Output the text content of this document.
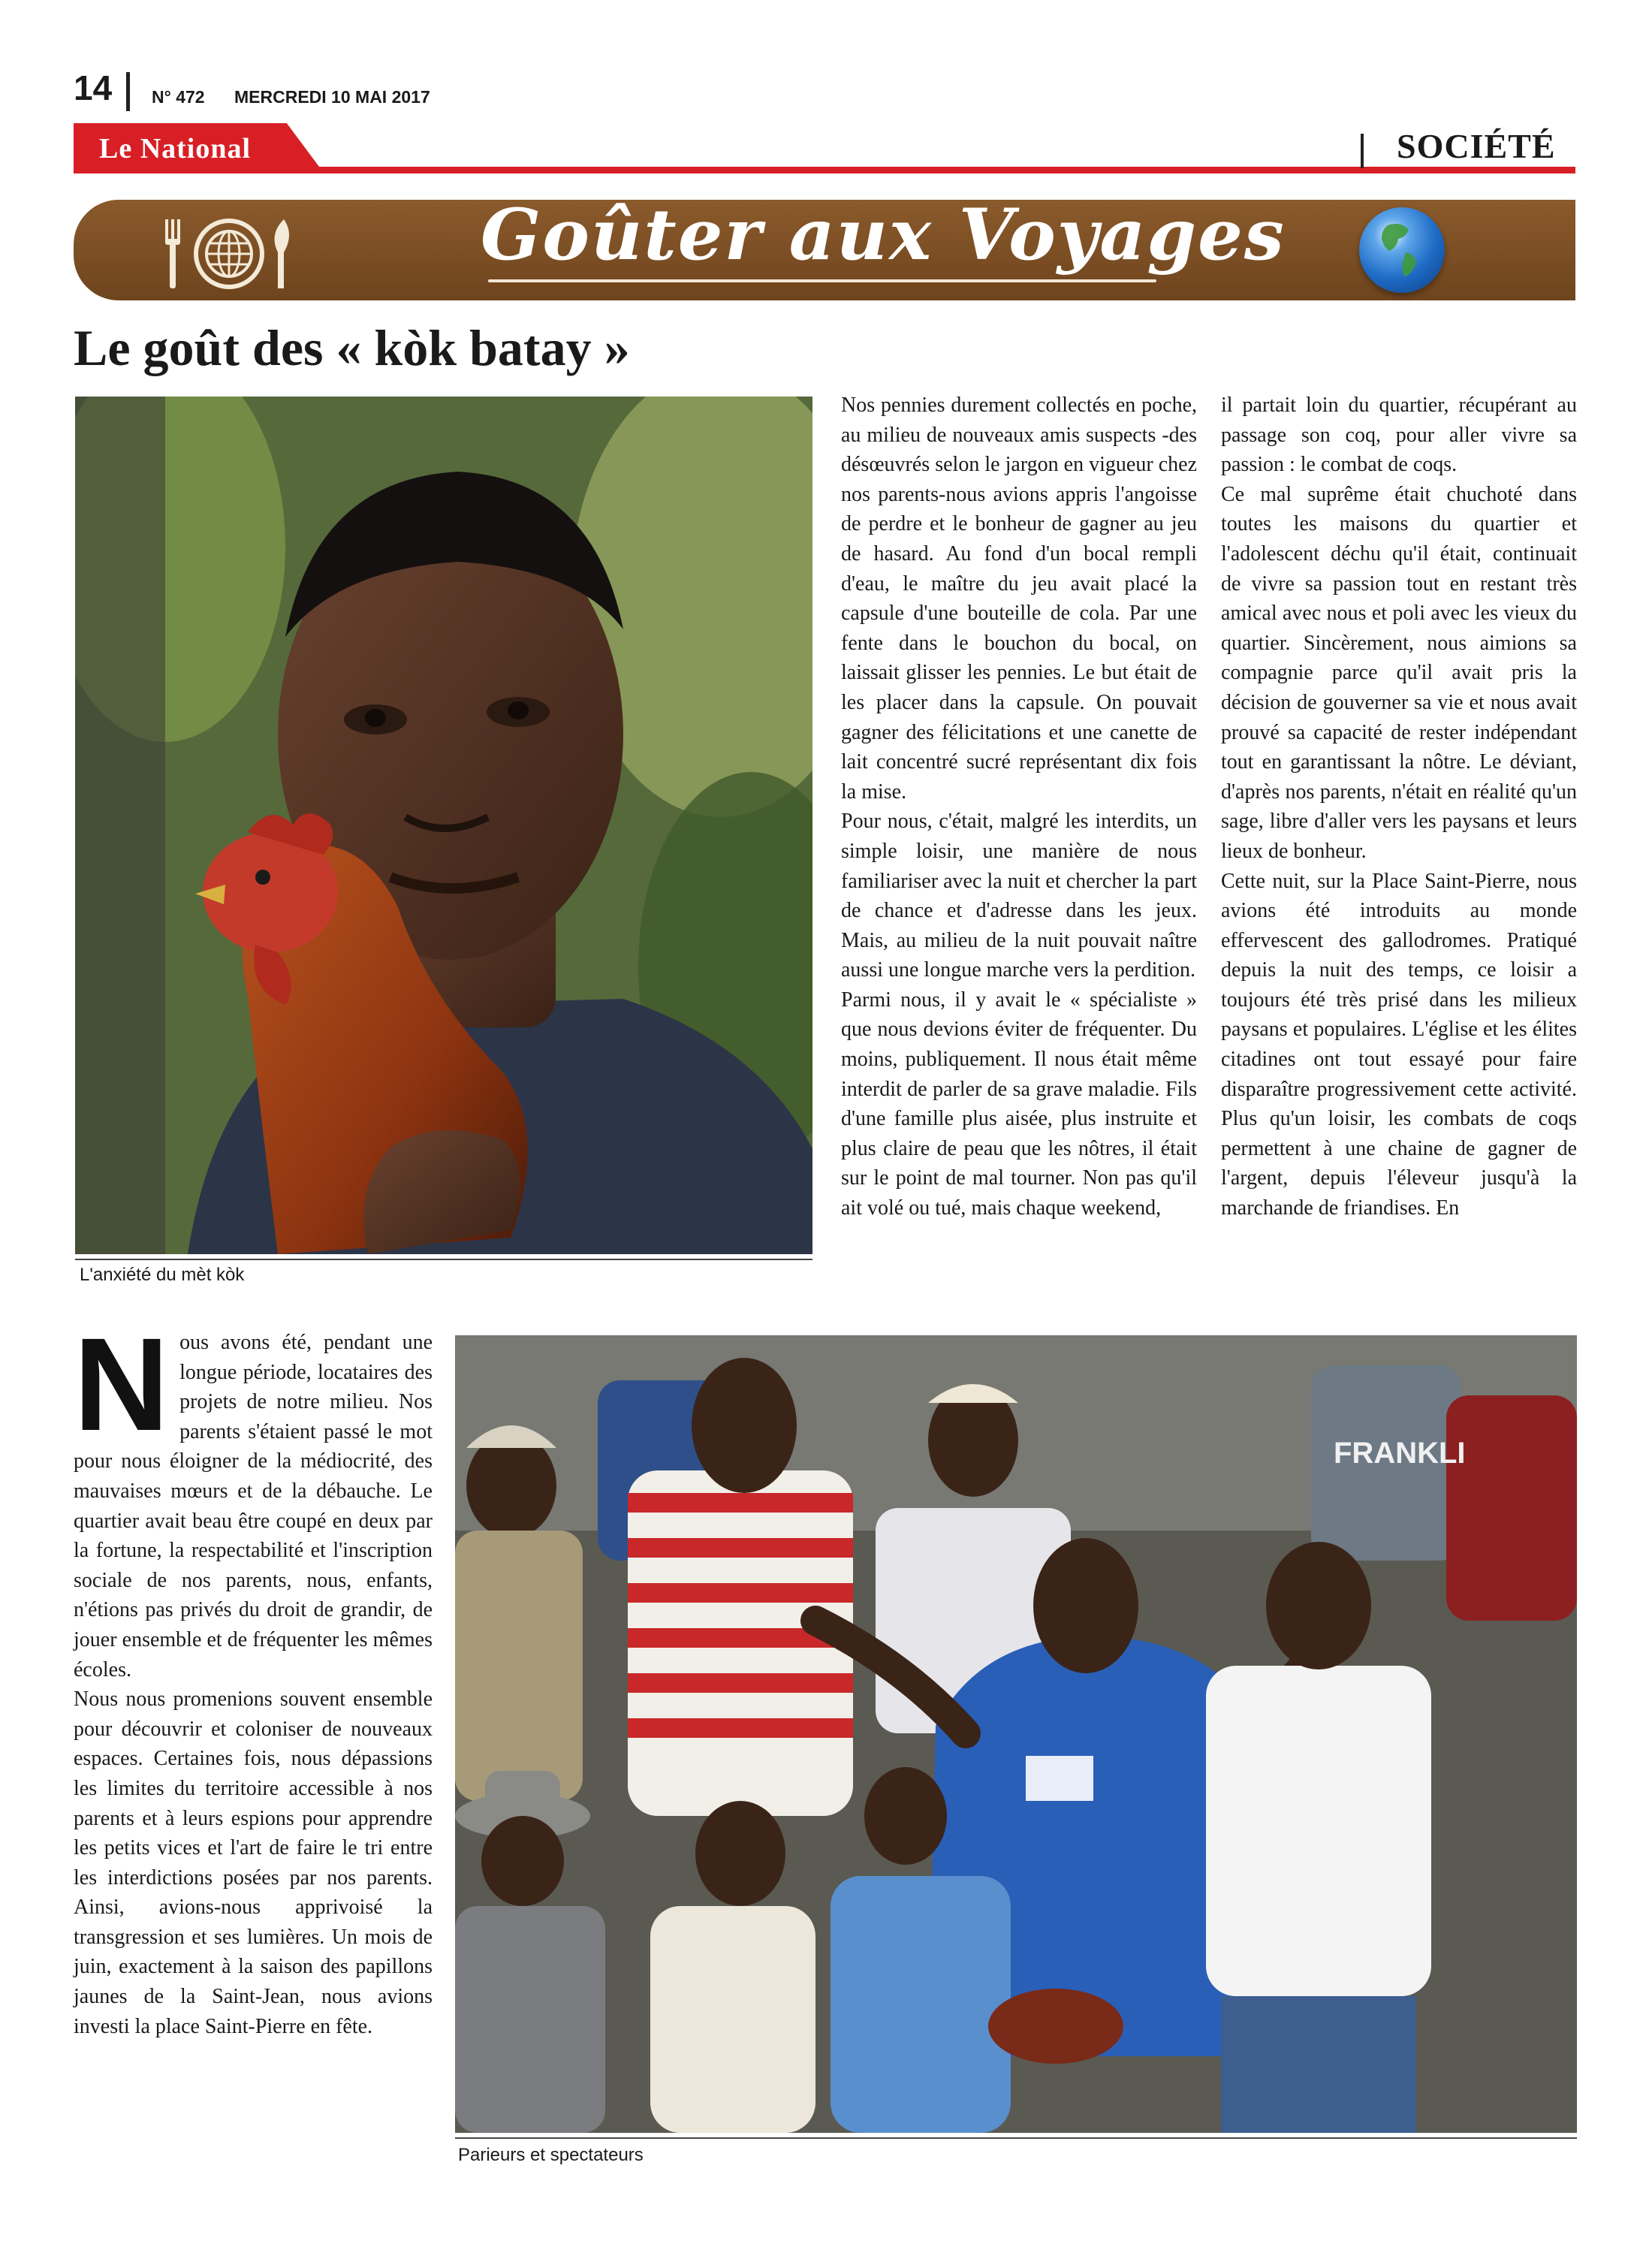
14 N° 472 MERCREDI 10 MAI 2017
Le National	SOCIÉTÉ
Goûter aux Voyages
Le goût des « kòk batay »
L'anxiété du mèt kòk

Nos pennies durement collectés en poche, au milieu de nouveaux amis suspects -des désœuvrés selon le jargon en vigueur chez nos parents-nous avions appris l'angoisse de perdre et le bonheur de gagner au jeu de hasard. Au fond d'un bocal rempli d'eau, le maître du jeu avait placé la capsule d'une bouteille de cola. Par une fente dans le bouchon du bocal, on laissait glisser les pennies. Le but était de les placer dans la capsule. On pouvait gagner des félicitations et une canette de lait concentré sucré représentant dix fois la mise.

Pour nous, c'était, malgré les interdits, un simple loisir, une manière de nous familiariser avec la nuit et chercher la part de chance et d'adresse dans les jeux. Mais, au milieu de la nuit pouvait naître aussi une longue marche vers la perdition.

Parmi nous, il y avait le « spécialiste » que nous devions éviter de fréquenter. Du moins, publiquement. Il nous était même interdit de parler de sa grave maladie. Fils d'une famille plus aisée, plus instruite et plus claire de peau que les nôtres, il était sur le point de mal tourner. Non pas qu'il ait volé ou tué, mais chaque weekend,

il partait loin du quartier, récupérant au passage son coq, pour aller vivre sa passion : le combat de coqs.

Ce mal suprême était chuchoté dans toutes les maisons du quartier et l'adolescent déchu qu'il était, continuait de vivre sa passion tout en restant très amical avec nous et poli avec les vieux du quartier. Sincèrement, nous aimions sa compagnie parce qu'il avait pris la décision de gouverner sa vie et nous avait prouvé sa capacité de rester indépendant tout en garantissant la nôtre. Le déviant, d'après nos parents, n'était en réalité qu'un sage, libre d'aller vers les paysans et leurs lieux de bonheur.

Cette nuit, sur la Place Saint-Pierre, nous avions été introduits au monde effervescent des gallodromes. Pratiqué depuis la nuit des temps, ce loisir a toujours été très prisé dans les milieux paysans et populaires. L'église et les élites citadines ont tout essayé pour faire disparaître progressivement cette activité. Plus qu'un loisir, les combats de coqs permettent à une chaine de gagner de l'argent, depuis l'éleveur jusqu'à la marchande de friandises. En

Nous avons été, pendant une longue période, locataires des projets de notre milieu. Nos parents s'étaient passé le mot pour nous éloigner de la médiocrité, des mauvaises mœurs et de la débauche. Le quartier avait beau être coupé en deux par la fortune, la respectabilité et l'inscription sociale de nos parents, nous, enfants, n'étions pas privés du droit de grandir, de jouer ensemble et de fréquenter les mêmes écoles.

Nous nous promenions souvent ensemble pour découvrir et coloniser de nouveaux espaces. Certaines fois, nous dépassions les limites du territoire accessible à nos parents et à leurs espions pour apprendre les petits vices et l'art de faire le tri entre les interdictions posées par nos parents. Ainsi, avions-nous apprivoisé la transgression et ses lumières. Un mois de juin, exactement à la saison des papillons jaunes de la Saint-Jean, nous avions investi la place Saint-Pierre en fête.

FRANKLI
Parieurs et spectateurs
